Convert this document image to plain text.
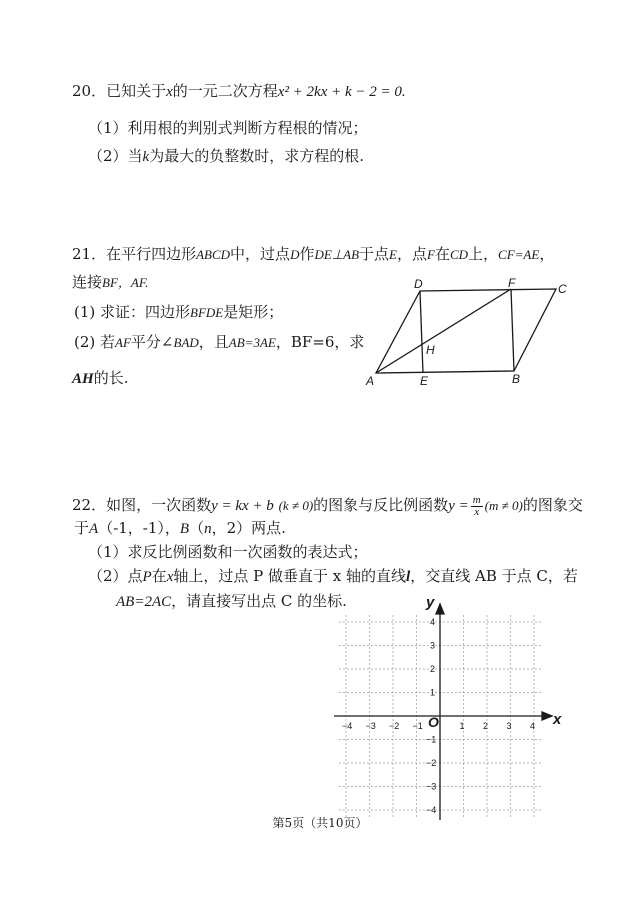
20．已知关于x的一元二次方程x² + 2kx + k − 2 = 0.
（1）利用根的判别式判断方程根的情况；
（2）当k为最大的负整数时，求方程的根.
21．在平行四边形ABCD中，过点D作DE⊥AB于点E，点F在CD上，CF=AE，
连接BF，AF.
(1) 求证：四边形BFDE是矩形；
(2) 若AF平分∠BAD，且AB=3AE，BF=6，求
AH的长.	A	E	B
D	F	C
H
22．如图，一次函数y = kx + b (k ≠ 0)的图象与反比例函数$y = \frac{m}{x} (m \ne 0)$的图象交
于A（-1，-1），B（n，2）两点.
（1）求反比例函数和一次函数的表达式；
（2）点P在x轴上，过点 P 做垂直于 x 轴的直线l，交直线 AB 于点 C，若
AB=2AC，请直接写出点 C 的坐标.
−4 −3 −2 −1	1 2 3 4
4
3
2
1
−1
−2
−3
−4
x
y
O
第5页（共10页）
